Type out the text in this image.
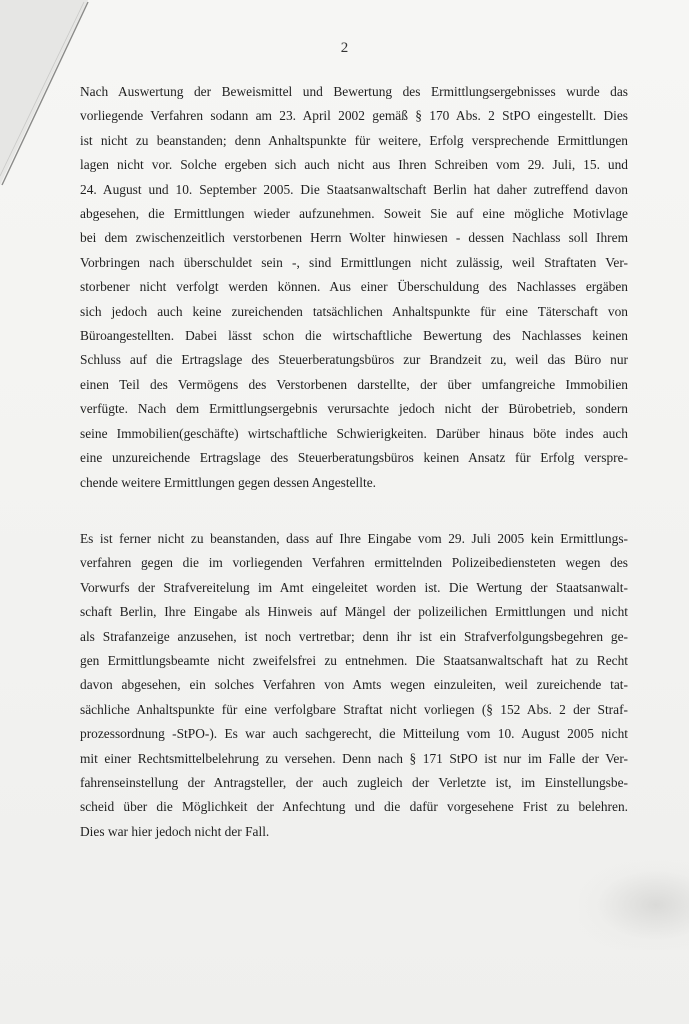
2
Nach Auswertung der Beweismittel und Bewertung des Ermittlungsergebnisses wurde das
vorliegende Verfahren sodann am 23. April 2002 gemäß § 170 Abs. 2 StPO eingestellt. Dies
ist nicht zu beanstanden; denn Anhaltspunkte für weitere, Erfolg versprechende Ermittlungen
lagen nicht vor. Solche ergeben sich auch nicht aus Ihren Schreiben vom 29. Juli, 15. und
24. August und 10. September 2005. Die Staatsanwaltschaft Berlin hat daher zutreffend davon
abgesehen, die Ermittlungen wieder aufzunehmen. Soweit Sie auf eine mögliche Motivlage
bei dem zwischenzeitlich verstorbenen Herrn Wolter hinwiesen - dessen Nachlass soll Ihrem
Vorbringen nach überschuldet sein -, sind Ermittlungen nicht zulässig, weil Straftaten Ver-
storbener nicht verfolgt werden können. Aus einer Überschuldung des Nachlasses ergäben
sich jedoch auch keine zureichenden tatsächlichen Anhaltspunkte für eine Täterschaft von
Büroangestellten. Dabei lässt schon die wirtschaftliche Bewertung des Nachlasses keinen
Schluss auf die Ertragslage des Steuerberatungsbüros zur Brandzeit zu, weil das Büro nur
einen Teil des Vermögens des Verstorbenen darstellte, der über umfangreiche Immobilien
verfügte. Nach dem Ermittlungsergebnis verursachte jedoch nicht der Bürobetrieb, sondern
seine Immobilien(geschäfte) wirtschaftliche Schwierigkeiten. Darüber hinaus böte indes auch
eine unzureichende Ertragslage des Steuerberatungsbüros keinen Ansatz für Erfolg verspre-
chende weitere Ermittlungen gegen dessen Angestellte.
Es ist ferner nicht zu beanstanden, dass auf Ihre Eingabe vom 29. Juli 2005 kein Ermittlungs-
verfahren gegen die im vorliegenden Verfahren ermittelnden Polizeibediensteten wegen des
Vorwurfs der Strafvereitelung im Amt eingeleitet worden ist. Die Wertung der Staatsanwalt-
schaft Berlin, Ihre Eingabe als Hinweis auf Mängel der polizeilichen Ermittlungen und nicht
als Strafanzeige anzusehen, ist noch vertretbar; denn ihr ist ein Strafverfolgungsbegehren ge-
gen Ermittlungsbeamte nicht zweifelsfrei zu entnehmen. Die Staatsanwaltschaft hat zu Recht
davon abgesehen, ein solches Verfahren von Amts wegen einzuleiten, weil zureichende tat-
sächliche Anhaltspunkte für eine verfolgbare Straftat nicht vorliegen (§ 152 Abs. 2 der Straf-
prozessordnung -StPO-). Es war auch sachgerecht, die Mitteilung vom 10. August 2005 nicht
mit einer Rechtsmittelbelehrung zu versehen. Denn nach § 171 StPO ist nur im Falle der Ver-
fahrenseinstellung der Antragsteller, der auch zugleich der Verletzte ist, im Einstellungsbe-
scheid über die Möglichkeit der Anfechtung und die dafür vorgesehene Frist zu belehren.
Dies war hier jedoch nicht der Fall.
